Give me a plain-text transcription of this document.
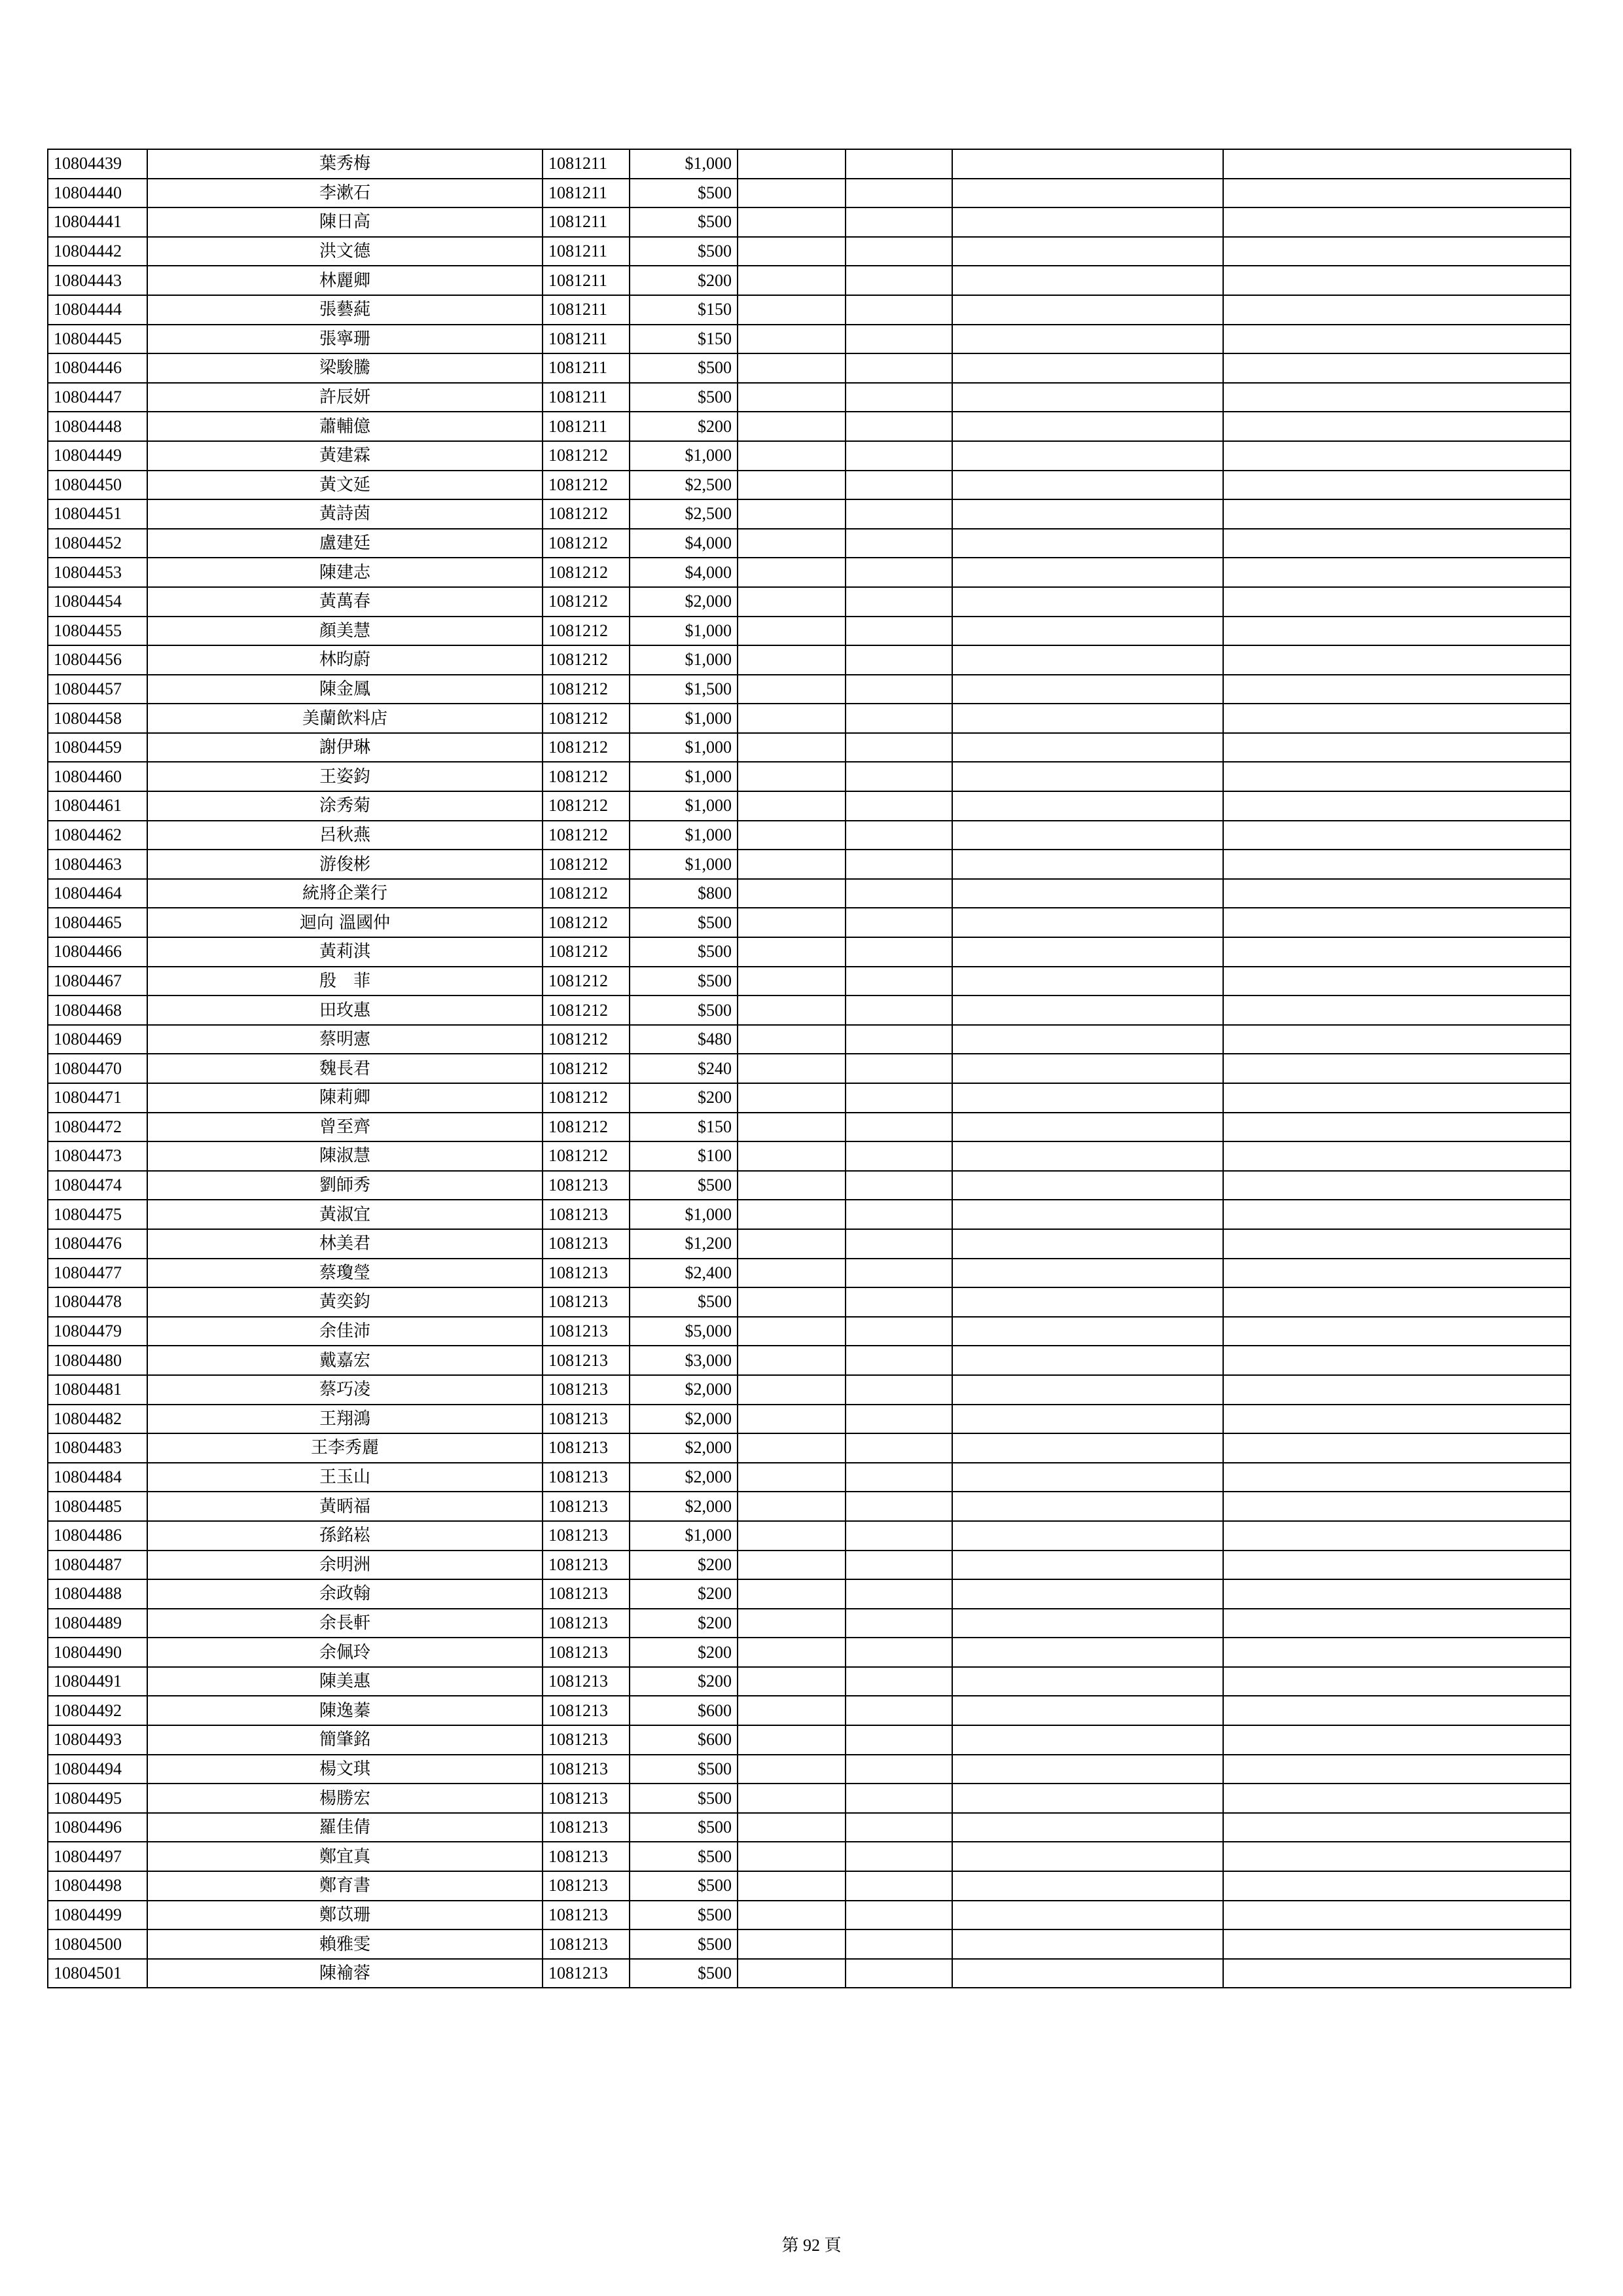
10804439	葉秀梅	1081211	$1,000				
10804440	李漱石	1081211	$500				
10804441	陳日高	1081211	$500				
10804442	洪文德	1081211	$500				
10804443	林麗卿	1081211	$200				
10804444	張藝蒓	1081211	$150				
10804445	張寧珊	1081211	$150				
10804446	梁駿騰	1081211	$500				
10804447	許辰妍	1081211	$500				
10804448	蕭輔億	1081211	$200				
10804449	黃建霖	1081212	$1,000				
10804450	黃文延	1081212	$2,500				
10804451	黃詩茵	1081212	$2,500				
10804452	盧建廷	1081212	$4,000				
10804453	陳建志	1081212	$4,000				
10804454	黃萬春	1081212	$2,000				
10804455	顏美慧	1081212	$1,000				
10804456	林昀蔚	1081212	$1,000				
10804457	陳金鳳	1081212	$1,500				
10804458	美蘭飲料店	1081212	$1,000				
10804459	謝伊琳	1081212	$1,000				
10804460	王姿鈞	1081212	$1,000				
10804461	涂秀菊	1081212	$1,000				
10804462	呂秋燕	1081212	$1,000				
10804463	游俊彬	1081212	$1,000				
10804464	統將企業行	1081212	$800				
10804465	迴向 溫國仲	1081212	$500				
10804466	黃莉淇	1081212	$500				
10804467	殷　菲	1081212	$500				
10804468	田玫惠	1081212	$500				
10804469	蔡明憲	1081212	$480				
10804470	魏長君	1081212	$240				
10804471	陳莉卿	1081212	$200				
10804472	曾至齊	1081212	$150				
10804473	陳淑慧	1081212	$100				
10804474	劉師秀	1081213	$500				
10804475	黃淑宜	1081213	$1,000				
10804476	林美君	1081213	$1,200				
10804477	蔡瓊瑩	1081213	$2,400				
10804478	黃奕鈞	1081213	$500				
10804479	余佳沛	1081213	$5,000				
10804480	戴嘉宏	1081213	$3,000				
10804481	蔡巧凌	1081213	$2,000				
10804482	王翔鴻	1081213	$2,000				
10804483	王李秀麗	1081213	$2,000				
10804484	王玉山	1081213	$2,000				
10804485	黃昞福	1081213	$2,000				
10804486	孫銘崧	1081213	$1,000				
10804487	余明洲	1081213	$200				
10804488	余政翰	1081213	$200				
10804489	余長軒	1081213	$200				
10804490	余佩玲	1081213	$200				
10804491	陳美惠	1081213	$200				
10804492	陳逸蓁	1081213	$600				
10804493	簡肇銘	1081213	$600				
10804494	楊文琪	1081213	$500				
10804495	楊勝宏	1081213	$500				
10804496	羅佳倩	1081213	$500				
10804497	鄭宜真	1081213	$500				
10804498	鄭育書	1081213	$500				
10804499	鄭苡珊	1081213	$500				
10804500	賴雅雯	1081213	$500				
10804501	陳褕蓉	1081213	$500				
第 92 頁
